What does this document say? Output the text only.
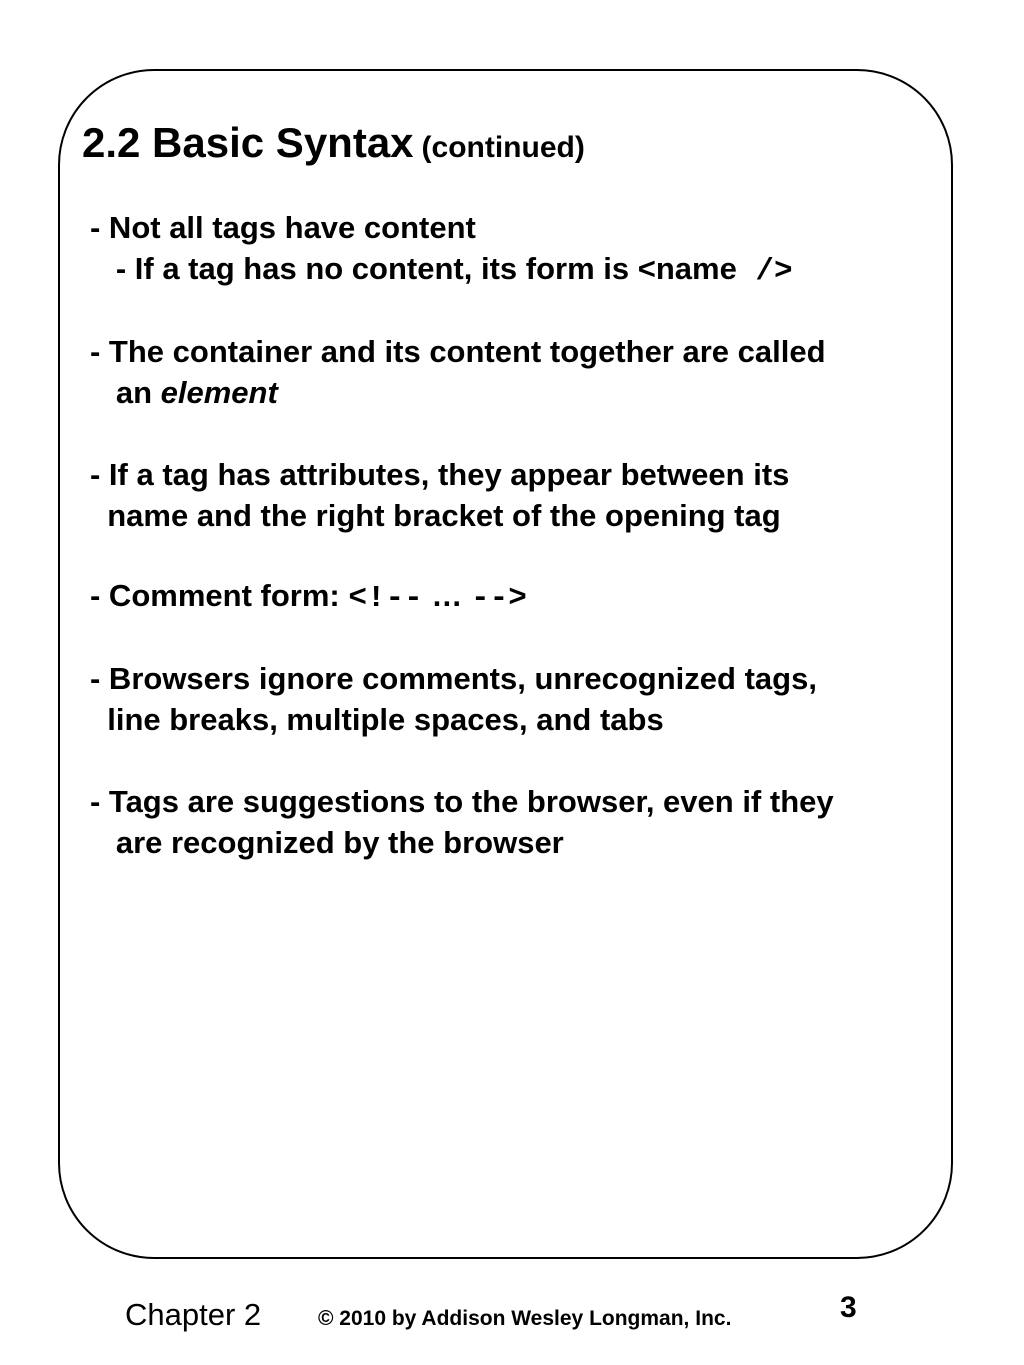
2.2 Basic Syntax (continued)
- Not all tags have content
- If a tag has no content, its form is <name />
- The container and its content together are called
an element
- If a tag has attributes, they appear between its
name and the right bracket of the opening tag
- Comment form: <!-- … -->
- Browsers ignore comments, unrecognized tags,
line breaks, multiple spaces, and tabs
- Tags are suggestions to the browser, even if they
are recognized by the browser
Chapter 2	© 2010 by Addison Wesley Longman, Inc.	3
